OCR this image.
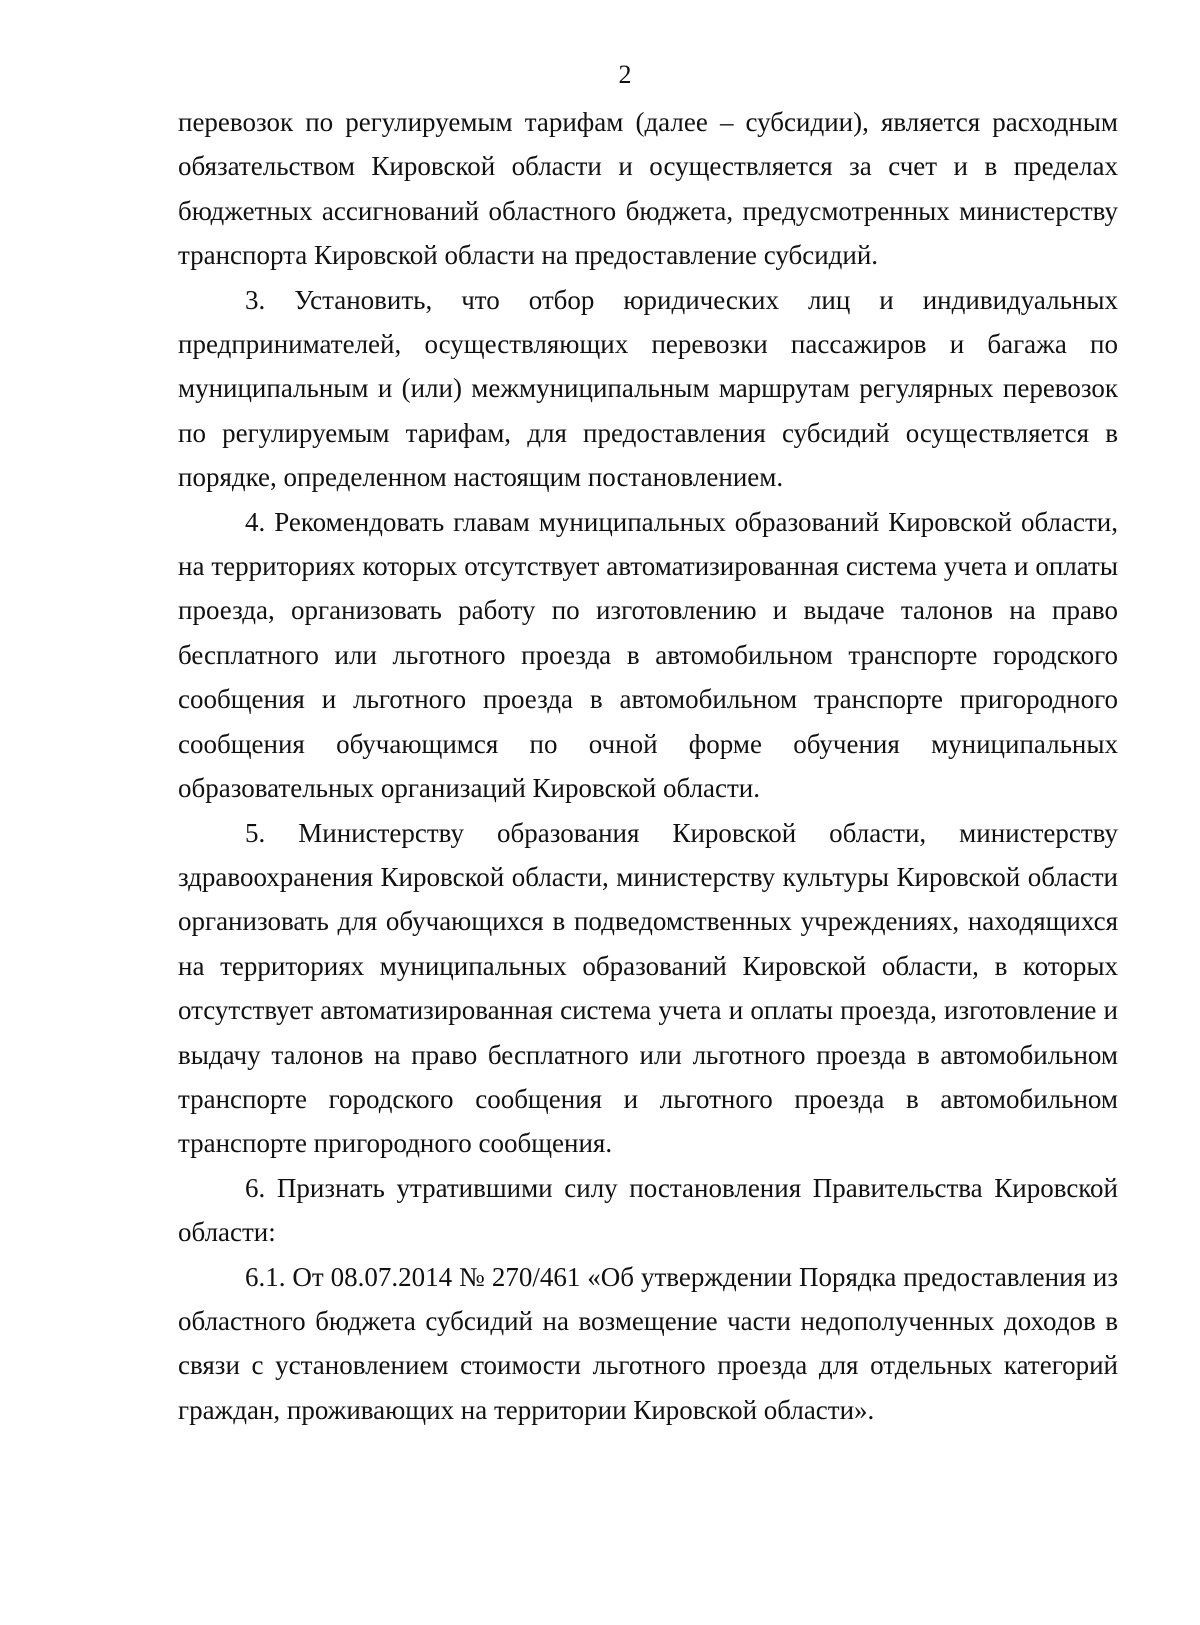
2

перевозок по регулируемым тарифам (далее – субсидии), является расходным обязательством Кировской области и осуществляется за счет и в пределах бюджетных ассигнований областного бюджета, предусмотренных министерству транспорта Кировской области на предоставление субсидий.

3. Установить, что отбор юридических лиц и индивидуальных предпринимателей, осуществляющих перевозки пассажиров и багажа по муниципальным и (или) межмуниципальным маршрутам регулярных перевозок по регулируемым тарифам, для предоставления субсидий осуществляется в порядке, определенном настоящим постановлением.

4. Рекомендовать главам муниципальных образований Кировской области, на территориях которых отсутствует автоматизированная система учета и оплаты проезда, организовать работу по изготовлению и выдаче талонов на право бесплатного или льготного проезда в автомобильном транспорте городского сообщения и льготного проезда в автомобильном транспорте пригородного сообщения обучающимся по очной форме обучения муниципальных образовательных организаций Кировской области.

5. Министерству образования Кировской области, министерству здравоохранения Кировской области, министерству культуры Кировской области организовать для обучающихся в подведомственных учреждениях, находящихся на территориях муниципальных образований Кировской области, в которых отсутствует автоматизированная система учета и оплаты проезда, изготовление и выдачу талонов на право бесплатного или льготного проезда в автомобильном транспорте городского сообщения и льготного проезда в автомобильном транспорте пригородного сообщения.

6. Признать утратившими силу постановления Правительства Кировской области:

6.1. От 08.07.2014 № 270/461 «Об утверждении Порядка предоставления из областного бюджета субсидий на возмещение части недополученных доходов в связи с установлением стоимости льготного проезда для отдельных категорий граждан, проживающих на территории Кировской области».
